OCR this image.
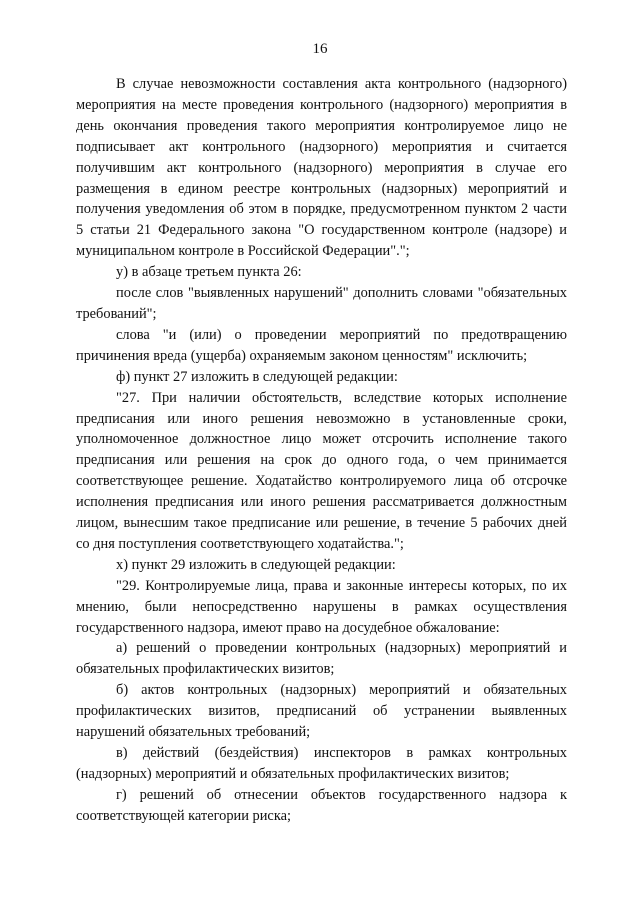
16

В случае невозможности составления акта контрольного (надзорного) мероприятия на месте проведения контрольного (надзорного) мероприятия в день окончания проведения такого мероприятия контролируемое лицо не подписывает акт контрольного (надзорного) мероприятия и считается получившим акт контрольного (надзорного) мероприятия в случае его размещения в едином реестре контрольных (надзорных) мероприятий и получения уведомления об этом в порядке, предусмотренном пунктом 2 части 5 статьи 21 Федерального закона "О государственном контроле (надзоре) и муниципальном контроле в Российской Федерации".";

у) в абзаце третьем пункта 26:

после слов "выявленных нарушений" дополнить словами "обязательных требований";

слова "и (или) о проведении мероприятий по предотвращению причинения вреда (ущерба) охраняемым законом ценностям" исключить;

ф) пункт 27 изложить в следующей редакции:

"27. При наличии обстоятельств, вследствие которых исполнение предписания или иного решения невозможно в установленные сроки, уполномоченное должностное лицо может отсрочить исполнение такого предписания или решения на срок до одного года, о чем принимается соответствующее решение. Ходатайство контролируемого лица об отсрочке исполнения предписания или иного решения рассматривается должностным лицом, вынесшим такое предписание или решение, в течение 5 рабочих дней со дня поступления соответствующего ходатайства.";

х) пункт 29 изложить в следующей редакции:

"29. Контролируемые лица, права и законные интересы которых, по их мнению, были непосредственно нарушены в рамках осуществления государственного надзора, имеют право на досудебное обжалование:

а) решений о проведении контрольных (надзорных) мероприятий и обязательных профилактических визитов;

б) актов контрольных (надзорных) мероприятий и обязательных профилактических визитов, предписаний об устранении выявленных нарушений обязательных требований;

в) действий (бездействия) инспекторов в рамках контрольных (надзорных) мероприятий и обязательных профилактических визитов;

г) решений об отнесении объектов государственного надзора к соответствующей категории риска;
